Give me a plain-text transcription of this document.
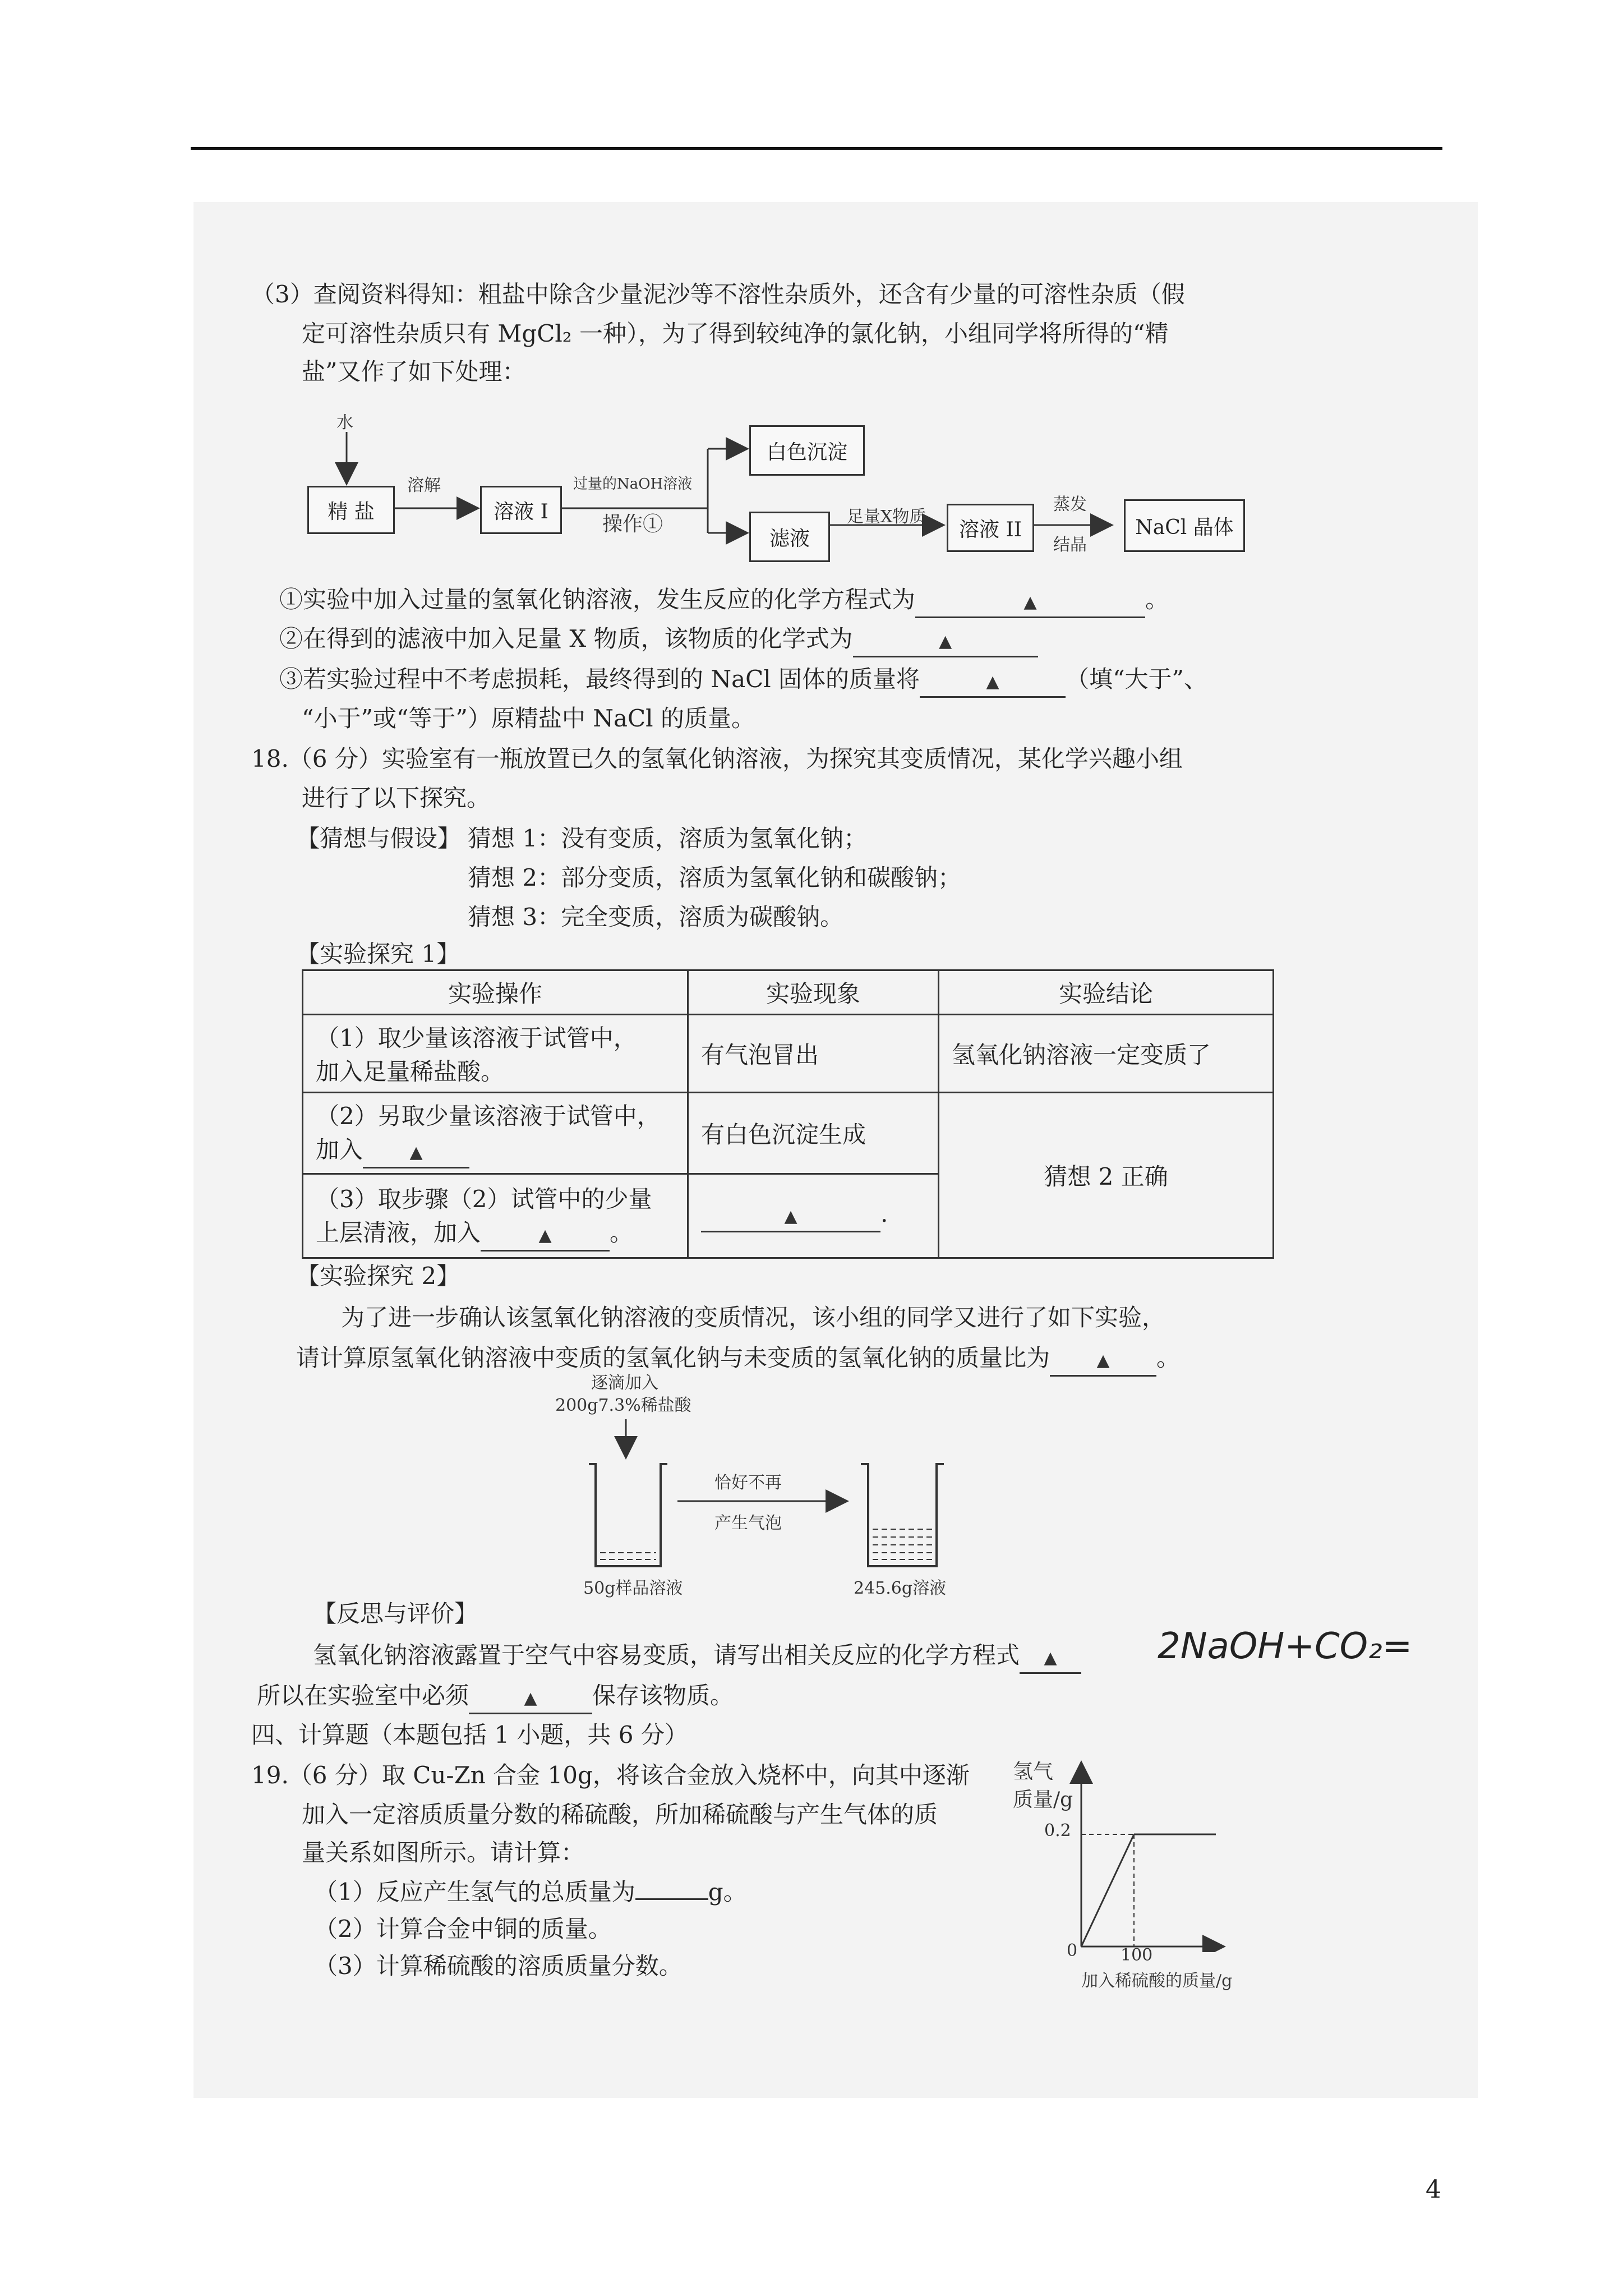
（3）查阅资料得知：粗盐中除含少量泥沙等不溶性杂质外，还含有少量的可溶性杂质（假
定可溶性杂质只有 MgCl₂ 一种），为了得到较纯净的氯化钠，小组同学将所得的“精
盐”又作了如下处理：
水
精 盐
溶解
溶液 I
过量的NaOH溶液
操作①
白色沉淀
滤液
足量X物质
溶液 II
蒸发
结晶
NaCl 晶体
①实验中加入过量的氢氧化钠溶液，发生反应的化学方程式为	▲	。
②在得到的滤液中加入足量 X 物质，该物质的化学式为	▲
③若实验过程中不考虑损耗，最终得到的 NaCl 固体的质量将	▲	（填“大于”、
“小于”或“等于”）原精盐中 NaCl 的质量。
18.（6 分）实验室有一瓶放置已久的氢氧化钠溶液，为探究其变质情况，某化学兴趣小组
进行了以下探究。
【猜想与假设】 猜想 1：没有变质，溶质为氢氧化钠；
猜想 2：部分变质，溶质为氢氧化钠和碳酸钠；
猜想 3：完全变质，溶质为碳酸钠。
【实验探究 1】
实验操作	实验现象	实验结论

（1）取少量该溶液于试管中，
加入足量稀盐酸。	有气泡冒出	氢氧化钠溶液一定变质了

（2）另取少量该溶液于试管中，
加入 ▲	有白色沉淀生成	猜想 2 正确

（3）取步骤（2）试管中的少量
上层清液，加入 ▲ 。	▲ .	
【实验探究 2】
为了进一步确认该氢氧化钠溶液的变质情况，该小组的同学又进行了如下实验，
请计算原氢氧化钠溶液中变质的氢氧化钠与未变质的氢氧化钠的质量比为	▲ 。
逐滴加入
200g7.3%稀盐酸
恰好不再
产生气泡
50g样品溶液	245.6g溶液
【反思与评价】
氢氧化钠溶液露置于空气中容易变质，请写出相关反应的化学方程式 ▲	2NaOH+CO₂=
所以在实验室中必须	▲ 保存该物质。
四、计算题（本题包括 1 小题，共 6 分）
19.（6 分）取 Cu-Zn 合金 10g，将该合金放入烧杯中，向其中逐渐
加入一定溶质质量分数的稀硫酸，所加稀硫酸与产生气体的质
量关系如图所示。请计算：
（1）反应产生氢气的总质量为	g。
（2）计算合金中铜的质量。
（3）计算稀硫酸的溶质质量分数。
氢气
质量/g
0.2
0	100
加入稀硫酸的质量/g
4
